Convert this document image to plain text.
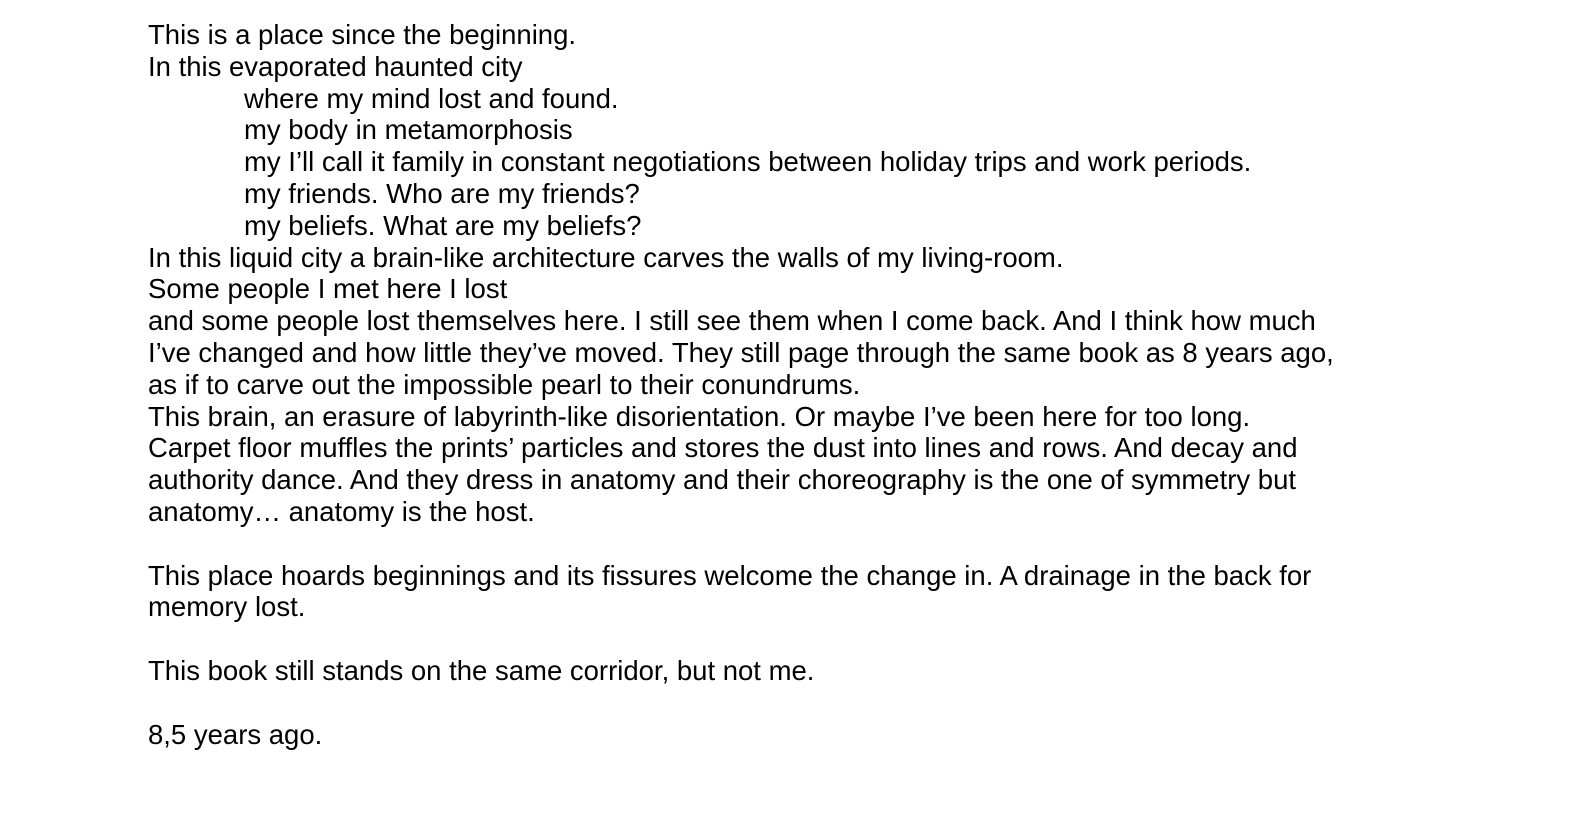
This is a place since the beginning.
In this evaporated haunted city
where my mind lost and found.
my body in metamorphosis
my I’ll call it family in constant negotiations between holiday trips and work periods.
my friends. Who are my friends?
my beliefs. What are my beliefs?
In this liquid city a brain-like architecture carves the walls of my living-room.
Some people I met here I lost
and some people lost themselves here. I still see them when I come back. And I think how much
I’ve changed and how little they’ve moved. They still page through the same book as 8 years ago,
as if to carve out the impossible pearl to their conundrums.
This brain, an erasure of labyrinth-like disorientation. Or maybe I’ve been here for too long.
Carpet floor muffles the prints’ particles and stores the dust into lines and rows. And decay and
authority dance. And they dress in anatomy and their choreography is the one of symmetry but
anatomy… anatomy is the host.
This place hoards beginnings and its fissures welcome the change in. A drainage in the back for
memory lost.
This book still stands on the same corridor, but not me.
8,5 years ago.
